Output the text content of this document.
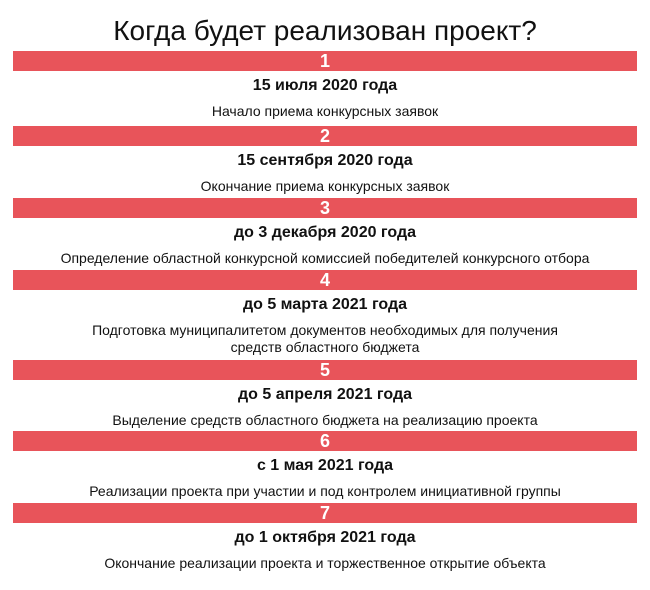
Когда будет реализован проект?
1
15 июля 2020 года
Начало приема конкурсных заявок
2
15 сентября 2020 года
Окончание приема конкурсных заявок
3
до 3 декабря 2020 года
Определение областной конкурсной комиссией победителей конкурсного отбора
4
до 5 марта 2021 года
Подготовка муниципалитетом документов необходимых для получения средств областного бюджета
5
до 5 апреля 2021 года
Выделение средств областного бюджета на реализацию проекта
6
с 1 мая 2021 года
Реализации проекта при участии и под контролем инициативной группы
7
до 1 октября 2021 года
Окончание реализации проекта и торжественное открытие объекта
